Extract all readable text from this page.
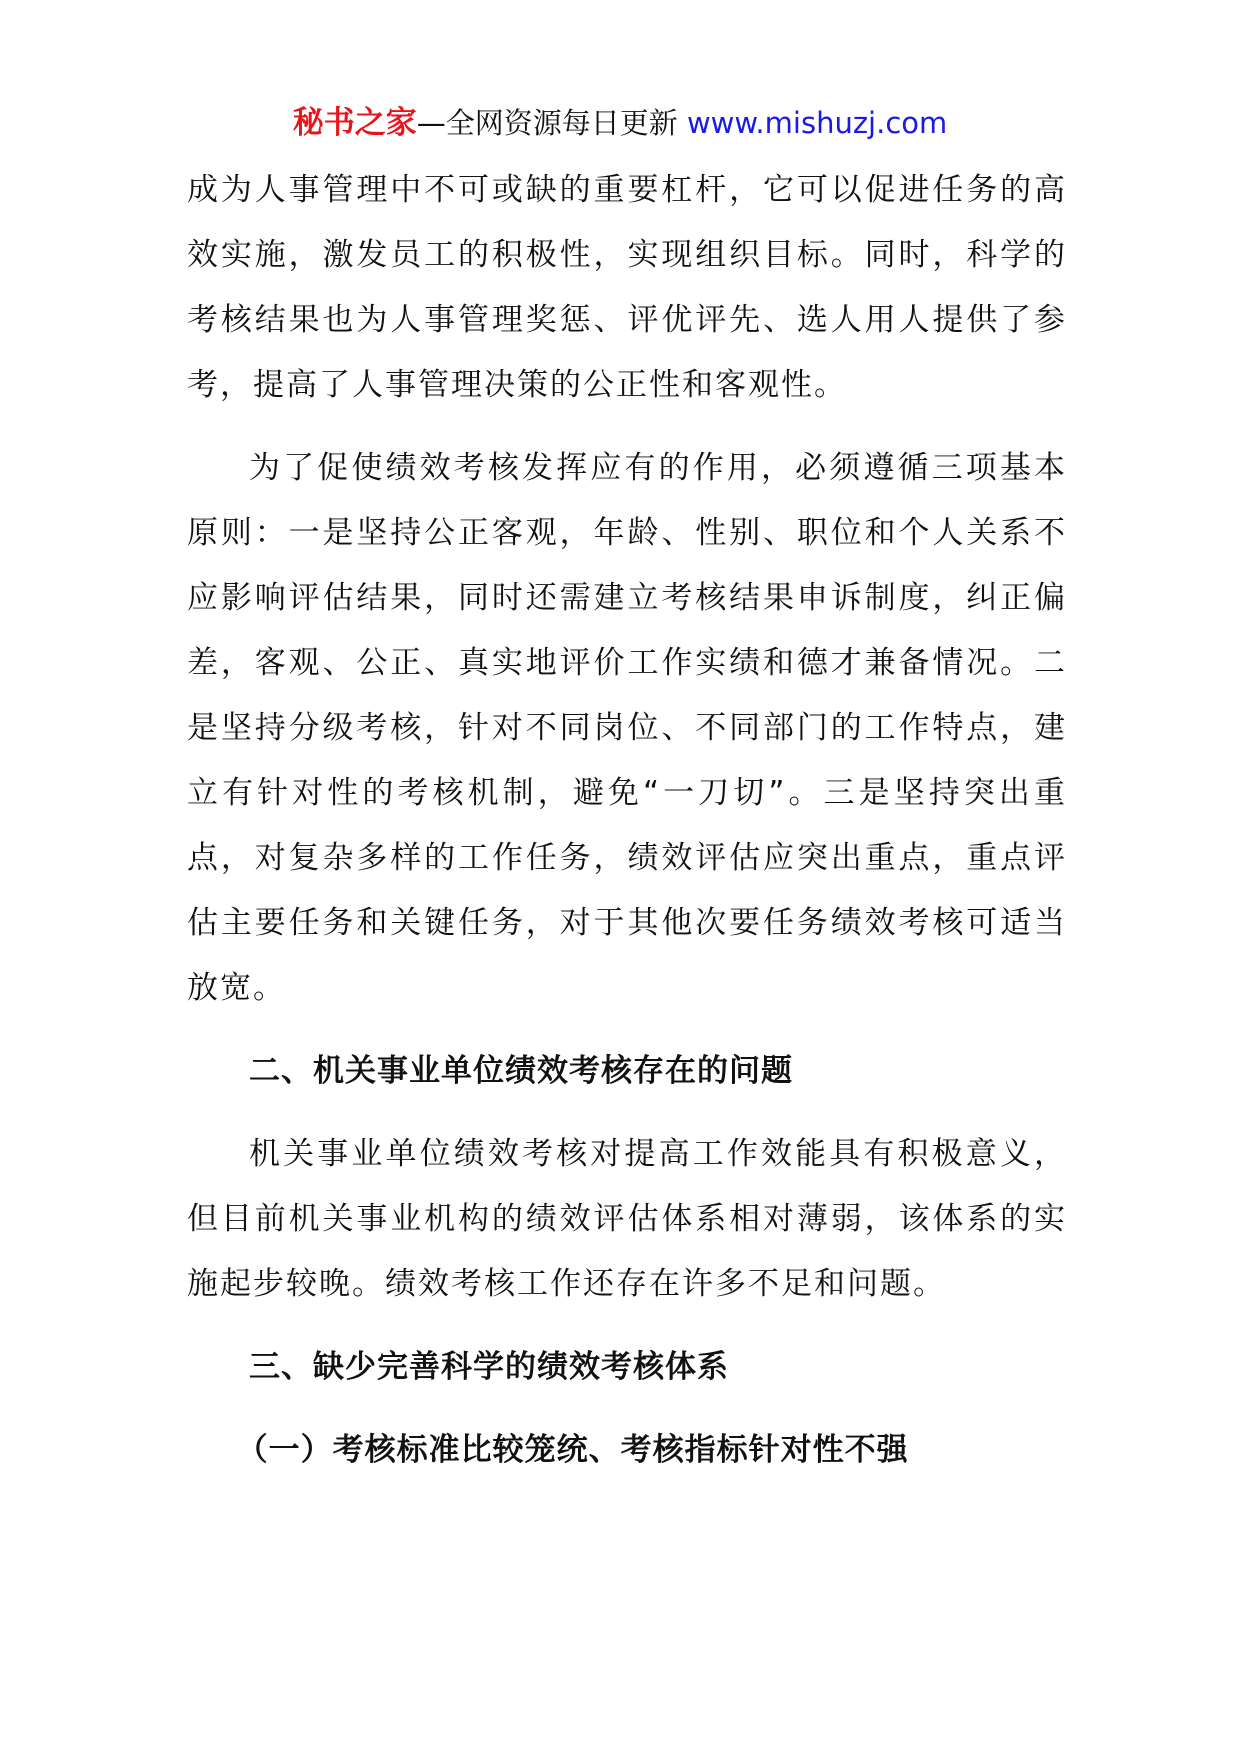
秘书之家—全网资源每日更新 www.mishuzj.com

成为人事管理中不可或缺的重要杠杆，它可以促进任务的高效实施，激发员工的积极性，实现组织目标。同时，科学的考核结果也为人事管理奖惩、评优评先、选人用人提供了参考，提高了人事管理决策的公正性和客观性。

为了促使绩效考核发挥应有的作用，必须遵循三项基本原则：一是坚持公正客观，年龄、性别、职位和个人关系不应影响评估结果，同时还需建立考核结果申诉制度，纠正偏差，客观、公正、真实地评价工作实绩和德才兼备情况。二是坚持分级考核，针对不同岗位、不同部门的工作特点，建立有针对性的考核机制，避免“一刀切”。三是坚持突出重点，对复杂多样的工作任务，绩效评估应突出重点，重点评估主要任务和关键任务，对于其他次要任务绩效考核可适当放宽。

二、机关事业单位绩效考核存在的问题

机关事业单位绩效考核对提高工作效能具有积极意义，但目前机关事业机构的绩效评估体系相对薄弱，该体系的实施起步较晚。绩效考核工作还存在许多不足和问题。

三、缺少完善科学的绩效考核体系

（一）考核标准比较笼统、考核指标针对性不强
